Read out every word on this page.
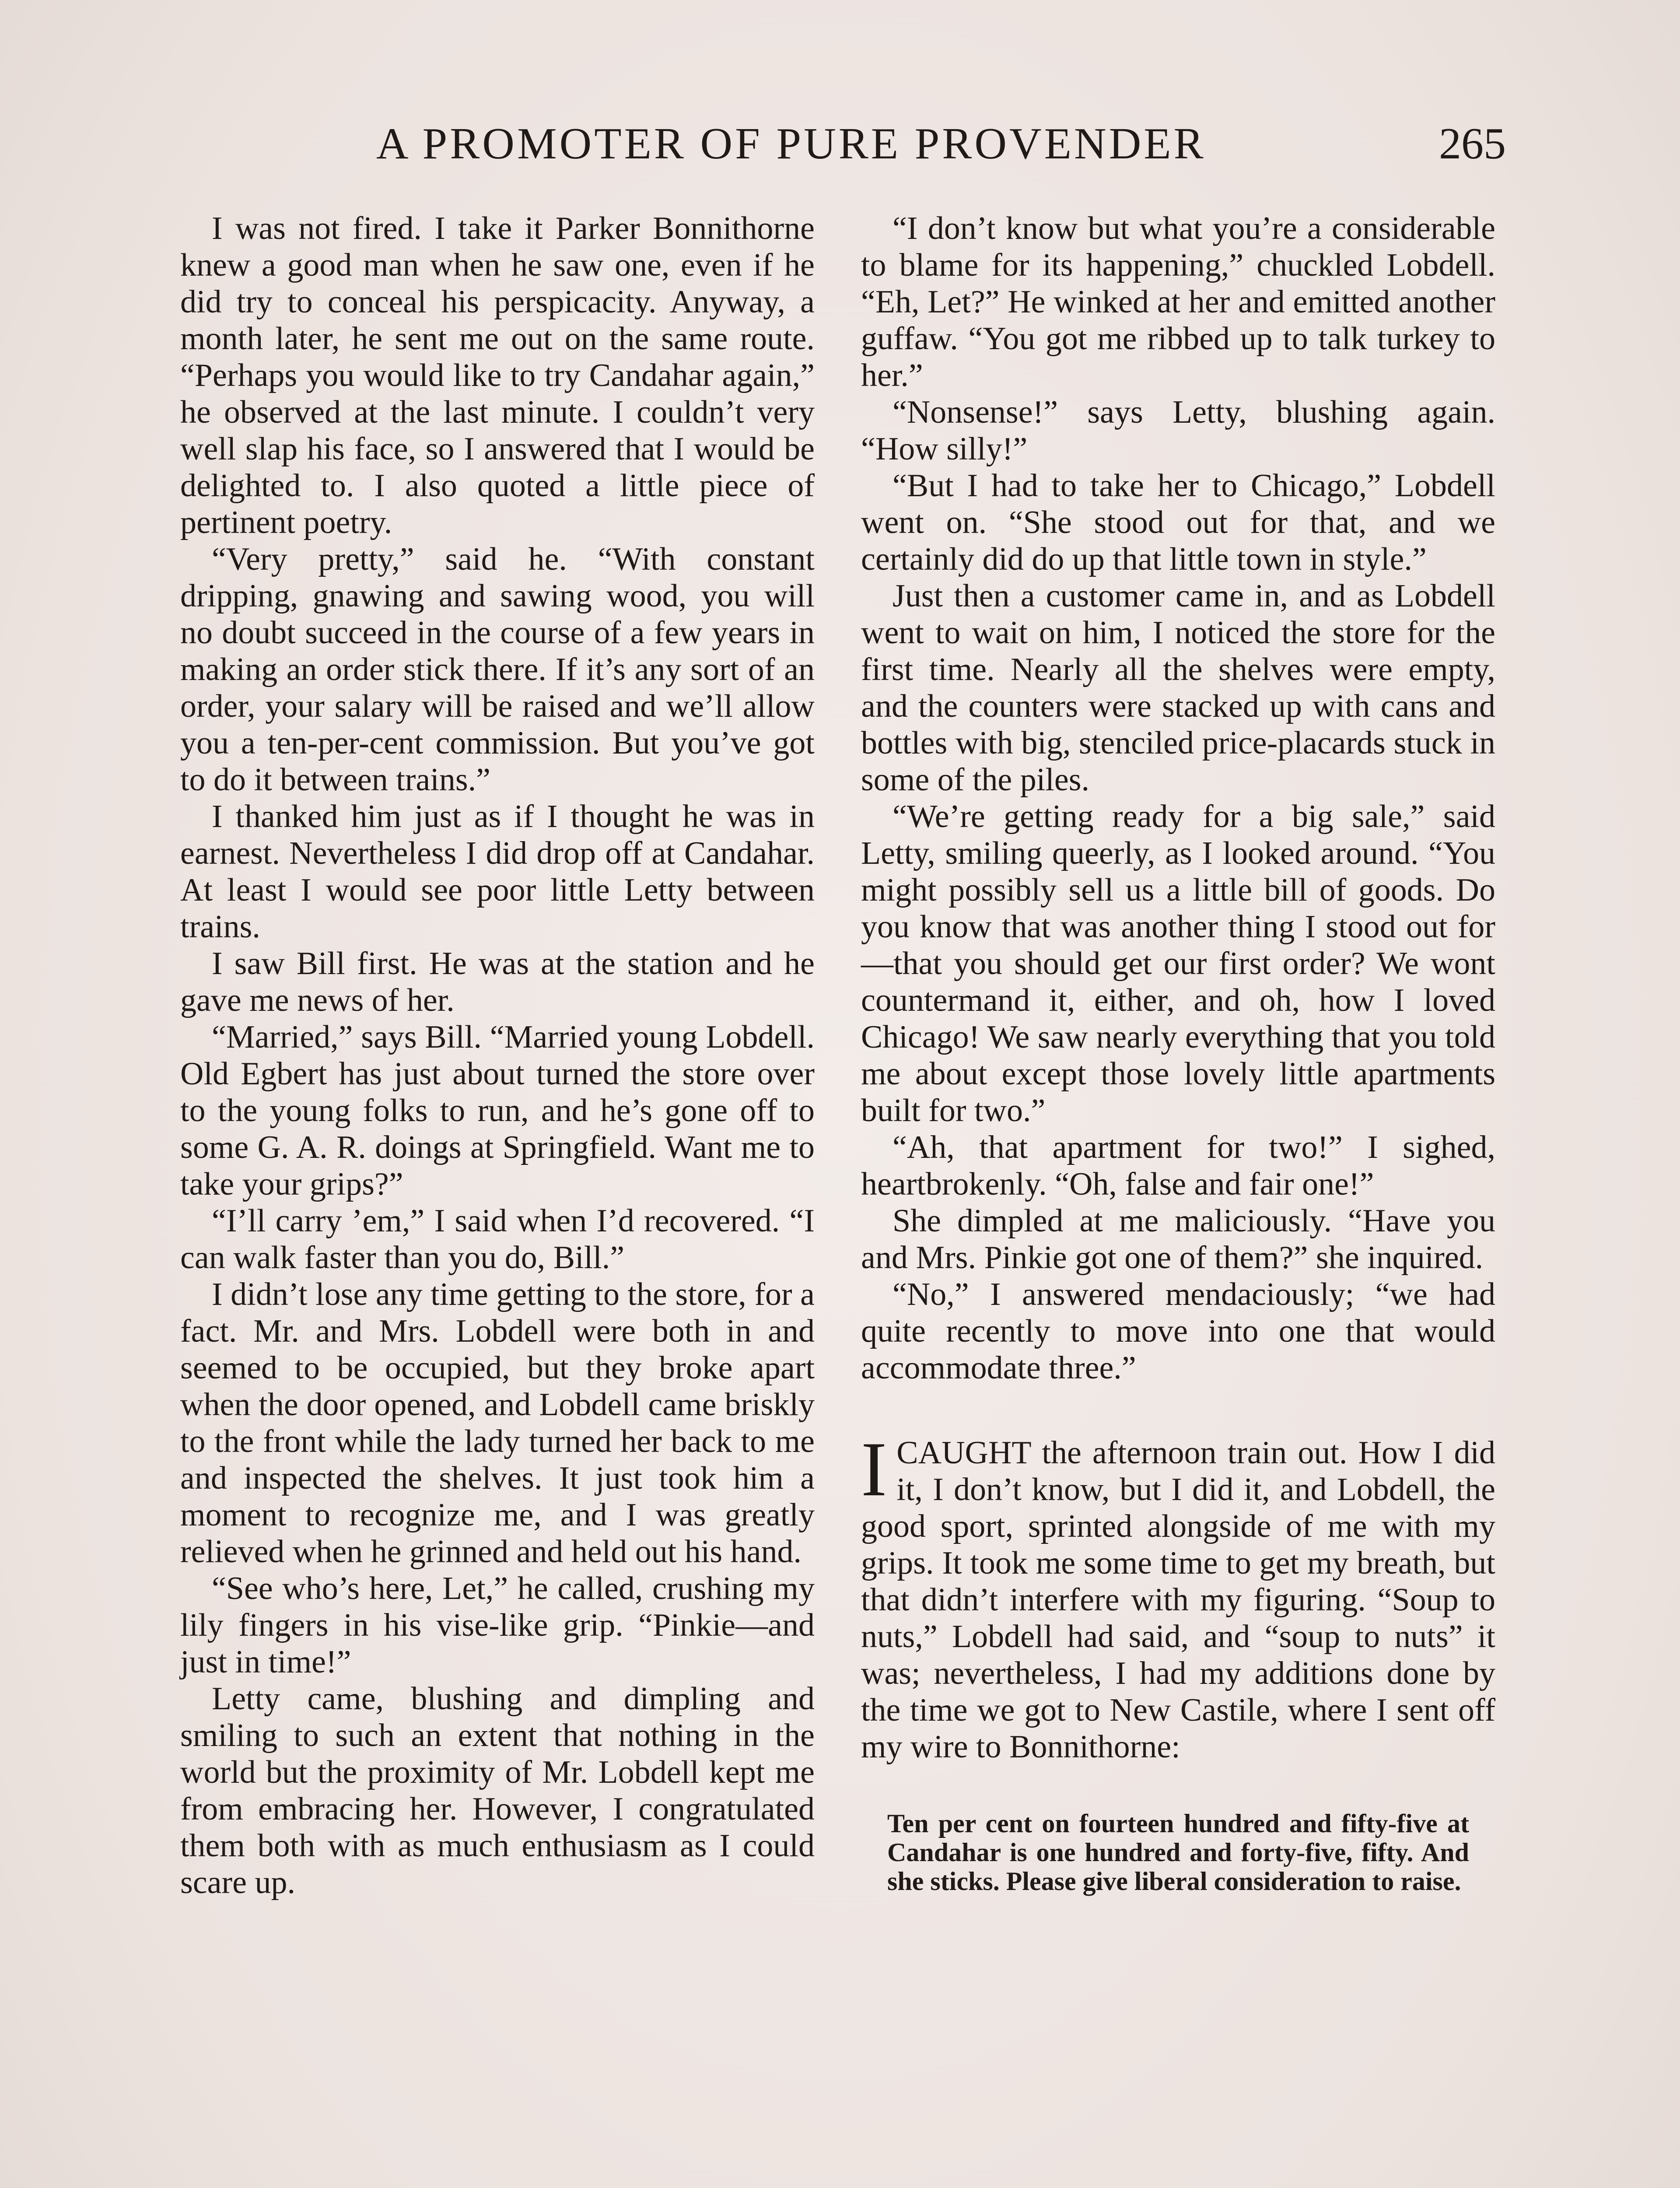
A PROMOTER OF PURE PROVENDER	265

I was not fired. I take it Parker Bonnithorne knew a good man when he saw one, even if he did try to conceal his perspicacity. Anyway, a month later, he sent me out on the same route. “Perhaps you would like to try Candahar again,” he observed at the last minute. I couldn’t very well slap his face, so I answered that I would be delighted to. I also quoted a little piece of pertinent poetry.

“Very pretty,” said he. “With constant dripping, gnawing and sawing wood, you will no doubt succeed in the course of a few years in making an order stick there. If it’s any sort of an order, your salary will be raised and we’ll allow you a ten-per-cent commission. But you’ve got to do it between trains.”

I thanked him just as if I thought he was in earnest. Nevertheless I did drop off at Candahar. At least I would see poor little Letty between trains.

I saw Bill first. He was at the station and he gave me news of her.

“Married,” says Bill. “Married young Lobdell. Old Egbert has just about turned the store over to the young folks to run, and he’s gone off to some G. A. R. doings at Springfield. Want me to take your grips?”

“I’ll carry ’em,” I said when I’d recovered. “I can walk faster than you do, Bill.”

I didn’t lose any time getting to the store, for a fact. Mr. and Mrs. Lobdell were both in and seemed to be occupied, but they broke apart when the door opened, and Lobdell came briskly to the front while the lady turned her back to me and inspected the shelves. It just took him a moment to recognize me, and I was greatly relieved when he grinned and held out his hand.

“See who’s here, Let,” he called, crushing my lily fingers in his vise-like grip. “Pinkie—and just in time!”

Letty came, blushing and dimpling and smiling to such an extent that nothing in the world but the proximity of Mr. Lobdell kept me from embracing her. However, I congratulated them both with as much enthusiasm as I could scare up.

“I don’t know but what you’re a considerable to blame for its happening,” chuckled Lobdell. “Eh, Let?” He winked at her and emitted another guffaw. “You got me ribbed up to talk turkey to her.”

“Nonsense!” says Letty, blushing again. “How silly!”

“But I had to take her to Chicago,” Lobdell went on. “She stood out for that, and we certainly did do up that little town in style.”

Just then a customer came in, and as Lobdell went to wait on him, I noticed the store for the first time. Nearly all the shelves were empty, and the counters were stacked up with cans and bottles with big, stenciled price-placards stuck in some of the piles.

“We’re getting ready for a big sale,” said Letty, smiling queerly, as I looked around. “You might possibly sell us a little bill of goods. Do you know that was another thing I stood out for—that you should get our first order? We wont countermand it, either, and oh, how I loved Chicago! We saw nearly everything that you told me about except those lovely little apartments built for two.”

“Ah, that apartment for two!” I sighed, heartbrokenly. “Oh, false and fair one!”

She dimpled at me maliciously. “Have you and Mrs. Pinkie got one of them?” she inquired.

“No,” I answered mendaciously; “we had quite recently to move into one that would accommodate three.”

ICAUGHT the afternoon train out. How I did it, I don’t know, but I did it, and Lobdell, the good sport, sprinted alongside of me with my grips. It took me some time to get my breath, but that didn’t interfere with my figuring. “Soup to nuts,” Lobdell had said, and “soup to nuts” it was; nevertheless, I had my additions done by the time we got to New Castile, where I sent off my wire to Bonnithorne:

Ten per cent on fourteen hundred and fifty-five at Candahar is one hundred and forty-five, fifty. And she sticks. Please give liberal consideration to raise.
